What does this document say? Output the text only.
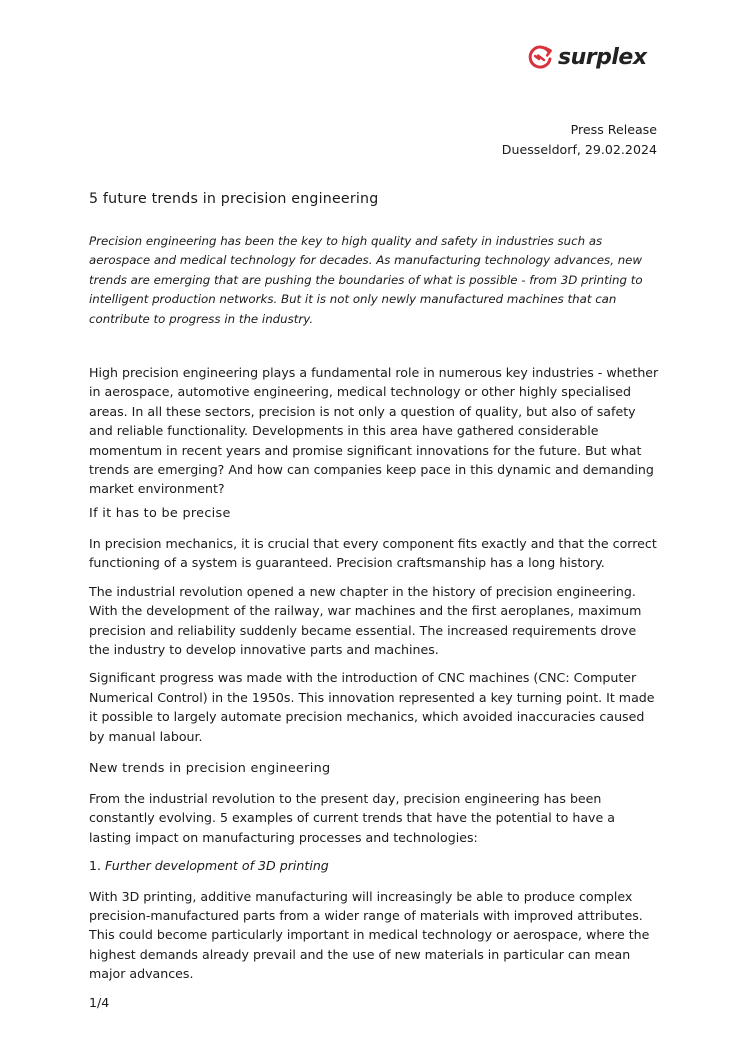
surplex
Press Release
Duesseldorf, 29.02.2024
5 future trends in precision engineering

Precision engineering has been the key to high quality and safety in industries such as aerospace and medical technology for decades. As manufacturing technology advances, new trends are emerging that are pushing the boundaries of what is possible - from 3D printing to intelligent production networks. But it is not only newly manufactured machines that can contribute to progress in the industry.

High precision engineering plays a fundamental role in numerous key industries - whether in aerospace, automotive engineering, medical technology or other highly specialised areas. In all these sectors, precision is not only a question of quality, but also of safety and reliable functionality. Developments in this area have gathered considerable momentum in recent years and promise significant innovations for the future. But what trends are emerging? And how can companies keep pace in this dynamic and demanding market environment?

If it has to be precise

In precision mechanics, it is crucial that every component fits exactly and that the correct functioning of a system is guaranteed. Precision craftsmanship has a long history.

The industrial revolution opened a new chapter in the history of precision engineering. With the development of the railway, war machines and the first aeroplanes, maximum precision and reliability suddenly became essential. The increased requirements drove the industry to develop innovative parts and machines.

Significant progress was made with the introduction of CNC machines (CNC: Computer Numerical Control) in the 1950s. This innovation represented a key turning point. It made it possible to largely automate precision mechanics, which avoided inaccuracies caused by manual labour.

New trends in precision engineering

From the industrial revolution to the present day, precision engineering has been constantly evolving. 5 examples of current trends that have the potential to have a lasting impact on manufacturing processes and technologies:

1. Further development of 3D printing

With 3D printing, additive manufacturing will increasingly be able to produce complex precision-manufactured parts from a wider range of materials with improved attributes. This could become particularly important in medical technology or aerospace, where the highest demands already prevail and the use of new materials in particular can mean major advances.

1/4
